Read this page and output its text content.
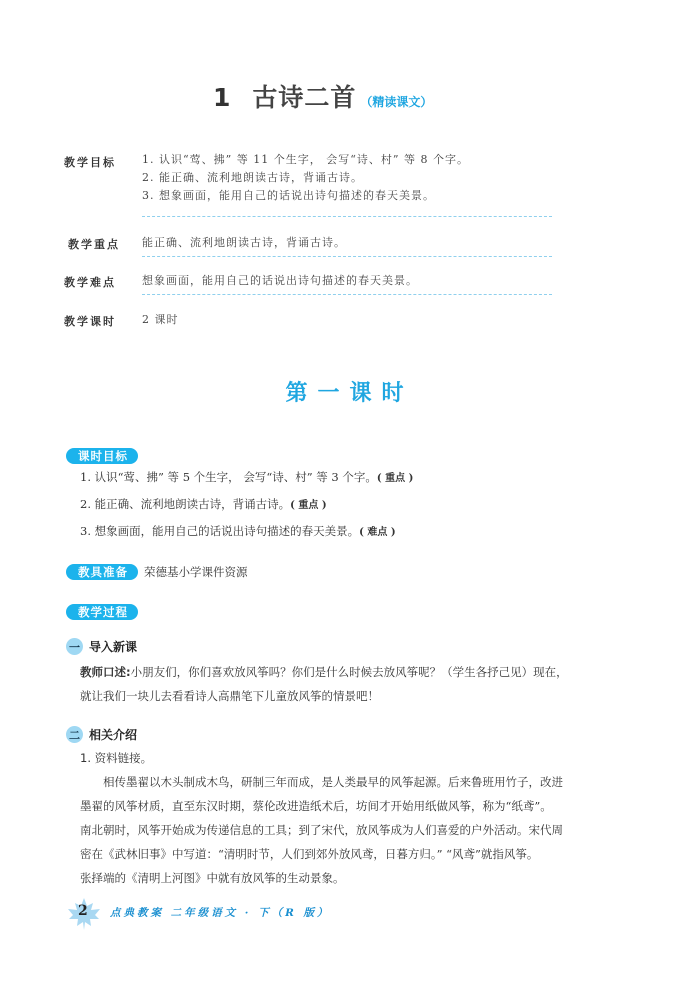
1 古诗二首 （精读课文）
教学目标 1. 认识“莺、拂” 等 11 个生字， 会写“诗、村” 等 8 个字。
2. 能正确、流利地朗读古诗，背诵古诗。
3. 想象画面，能用自己的话说出诗句描述的春天美景。
教学重点 能正确、流利地朗读古诗，背诵古诗。
教学难点 想象画面，能用自己的话说出诗句描述的春天美景。
教学课时 2 课时
第一课时
课时目标
1. 认识“莺、拂” 等 5 个生字， 会写“诗、村” 等 3 个字。( 重点 )
2. 能正确、流利地朗读古诗，背诵古诗。( 重点 )
3. 想象画面，能用自己的话说出诗句描述的春天美景。( 难点 )
教具准备	荣德基小学课件资源
教学过程
一 导入新课
教师口述:小朋友们，你们喜欢放风筝吗？你们是什么时候去放风筝呢？（学生各抒己见）现在，
就让我们一块儿去看看诗人高鼎笔下儿童放风筝的情景吧！
二 相关介绍
1. 资料链接。
相传墨翟以木头制成木鸟，研制三年而成，是人类最早的风筝起源。后来鲁班用竹子，改进
墨翟的风筝材质，直至东汉时期，蔡伦改进造纸术后，坊间才开始用纸做风筝，称为“纸鸢”。
南北朝时，风筝开始成为传递信息的工具；到了宋代，放风筝成为人们喜爱的户外活动。宋代周
密在《武林旧事》中写道：“清明时节，人们到郊外放风鸢，日暮方归。” “风鸢”就指风筝。
张择端的《清明上河图》中就有放风筝的生动景象。
2 点典教案 二年级语文 · 下（R 版）
